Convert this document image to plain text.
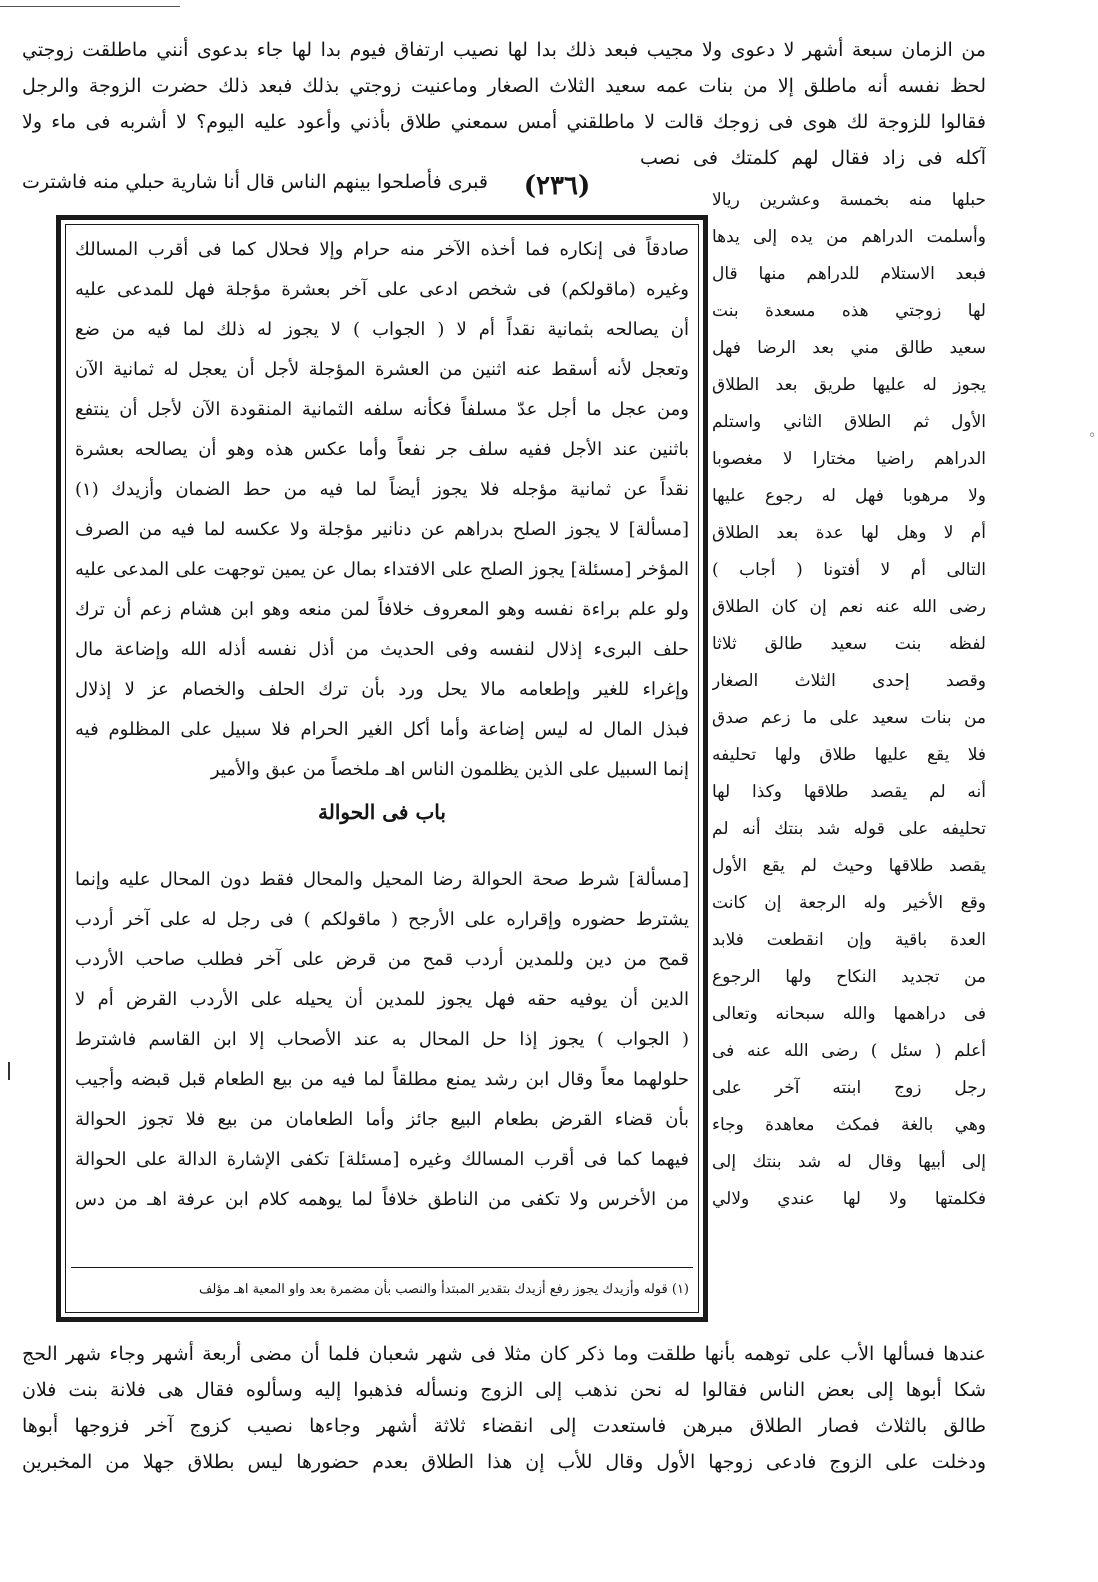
من الزمان سبعة أشهر لا دعوى ولا مجيب فبعد ذلك بدا لها نصيب ارتفاق فيوم بدا لها جاء بدعوى أنني ماطلقت زوجتي
لحظ نفسه أنه ماطلق إلا من بنات عمه سعيد الثلاث الصغار وماعنيت زوجتي بذلك فبعد ذلك حضرت الزوجة والرجل
فقالوا للزوجة لك هوى فى زوجك قالت لا ماطلقني أمس سمعني طلاق بأذني وأعود عليه اليوم؟ لا أشربه فى ماء ولا
آكله فى زاد فقال لهم كلمتك فى نصب
(٢٣٦)
قبرى فأصلحوا بينهم الناس قال أنا شارية حبلي منه فاشترت
حبلها منه بخمسة وعشرين ريالا
وأسلمت الدراهم من يده إلى يدها
فبعد الاستلام للدراهم منها قال
لها زوجتي هذه مسعدة بنت
سعيد طالق مني بعد الرضا فهل
يجوز له عليها طريق بعد الطلاق
الأول ثم الطلاق الثاني واستلم
الدراهم راضيا مختارا لا مغصوبا
ولا مرهوبا فهل له رجوع عليها
أم لا وهل لها عدة بعد الطلاق
التالى أم لا أفتونا ( أجاب )
رضى الله عنه نعم إن كان الطلاق
لفظه بنت سعيد طالق ثلاثا
وقصد إحدى الثلاث الصغار
من بنات سعيد على ما زعم صدق
فلا يقع عليها طلاق ولها تحليفه
أنه لم يقصد طلاقها وكذا لها
تحليفه على قوله شد بنتك أنه لم
يقصد طلاقها وحيث لم يقع الأول
وقع الأخير وله الرجعة إن كانت
العدة باقية وإن انقطعت فلابد
من تجديد النكاح ولها الرجوع
فى دراهمها والله سبحانه وتعالى
أعلم ( سئل ) رضى الله عنه فى
رجل زوج ابنته آخر على
وهي بالغة فمكث معاهدة وجاء
إلى أبيها وقال له شد بنتك إلى
فكلمتها ولا لها عندي ولالي
صادقاً فى إنكاره فما أخذه الآخر منه حرام وإلا فحلال كما فى أقرب المسالك
وغيره (ماقولكم) فى شخص ادعى على آخر بعشرة مؤجلة فهل للمدعى عليه
أن يصالحه بثمانية نقداً أم لا ( الجواب ) لا يجوز له ذلك لما فيه من ضع
وتعجل لأنه أسقط عنه اثنين من العشرة المؤجلة لأجل أن يعجل له ثمانية الآن
ومن عجل ما أجل عدّ مسلفاً فكأنه سلفه الثمانية المنقودة الآن لأجل أن ينتفع
باثنين عند الأجل ففيه سلف جر نفعاً وأما عكس هذه وهو أن يصالحه بعشرة
نقداً عن ثمانية مؤجله فلا يجوز أيضاً لما فيه من حط الضمان وأزيدك (١)
[مسألة] لا يجوز الصلح بدراهم عن دنانير مؤجلة ولا عكسه لما فيه من الصرف
المؤخر [مسئلة] يجوز الصلح على الافتداء بمال عن يمين توجهت على المدعى عليه
ولو علم براءة نفسه وهو المعروف خلافاً لمن منعه وهو ابن هشام زعم أن ترك
حلف البرىء إذلال لنفسه وفى الحديث من أذل نفسه أذله الله وإضاعة مال
وإغراء للغير وإطعامه مالا يحل ورد بأن ترك الحلف والخصام عز لا إذلال
فبذل المال له ليس إضاعة وأما أكل الغير الحرام فلا سبيل على المظلوم فيه
إنما السبيل على الذين يظلمون الناس اهـ ملخصاً من عبق والأمير
باب فى الحوالة
[مسألة] شرط صحة الحوالة رضا المحيل والمحال فقط دون المحال عليه وإنما
يشترط حضوره وإقراره على الأرجح ( ماقولكم ) فى رجل له على آخر أردب
قمح من دين وللمدين أردب قمح من قرض على آخر فطلب صاحب الأردب
الدين أن يوفيه حقه فهل يجوز للمدين أن يحيله على الأردب القرض أم لا
( الجواب ) يجوز إذا حل المحال به عند الأصحاب إلا ابن القاسم فاشترط
حلولهما معاً وقال ابن رشد يمنع مطلقاً لما فيه من بيع الطعام قبل قبضه وأجيب
بأن قضاء القرض بطعام البيع جائز وأما الطعامان من بيع فلا تجوز الحوالة
فيهما كما فى أقرب المسالك وغيره [مسئلة] تكفى الإشارة الدالة على الحوالة
من الأخرس ولا تكفى من الناطق خلافاً لما يوهمه كلام ابن عرفة اهـ من دس
(١) قوله وأزيدك يجوز رفع أزيدك بتقدير المبتدأ والنصب بأن مضمرة بعد واو المعية اهـ مؤلف
عندها فسألها الأب على توهمه بأنها طلقت وما ذكر كان مثلا فى شهر شعبان فلما أن مضى أربعة أشهر وجاء شهر الحج
شكا أبوها إلى بعض الناس فقالوا له نحن نذهب إلى الزوج ونسأله فذهبوا إليه وسألوه فقال هى فلانة بنت فلان
طالق بالثلاث فصار الطلاق مبرهن فاستعدت إلى انقضاء ثلاثة أشهر وجاءها نصيب كزوج آخر فزوجها أبوها
ودخلت على الزوج فادعى زوجها الأول وقال للأب إن هذا الطلاق بعدم حضورها ليس بطلاق جهلا من المخبرين
◦
